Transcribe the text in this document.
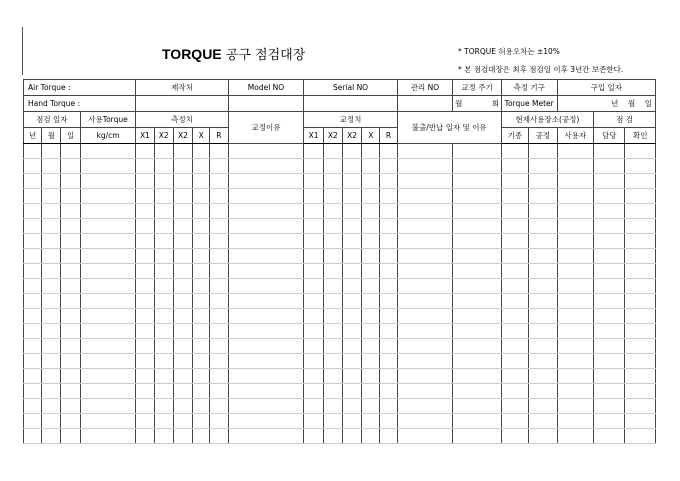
TORQUE 공구 점검대장	* TORQUE 허용오차는 ±10%
* 본 점검대장은 최후 점검일 이후 3년간 보존한다.
Air Torque :				제작처					Model NO	Serial NO					관리 NO	교정 주기	측정 기구		구입 일자		
Hand Torque :																월 회	Torque Meter		년 월 일		
점검 일자			사용Torque	측정치					교정이유	교정치					불출/반납 일자 및 이유		현재사용장소(공정)			점 검	
년	월	일	kg/cm	X1	X2	X2	X	R		X1	X2	X2	X	R			기종	공정	사용자	담당	확인
